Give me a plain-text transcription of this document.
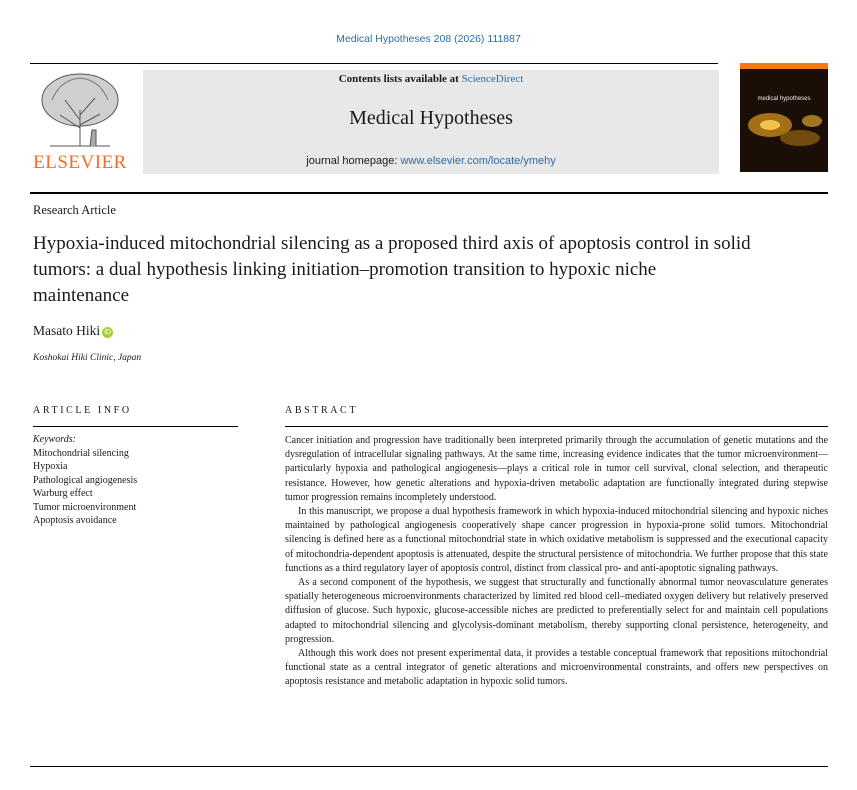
Medical Hypotheses 208 (2026) 111887
ELSEVIER
Contents lists available at ScienceDirect
Medical Hypotheses
journal homepage: www.elsevier.com/locate/ymehy
medical hypotheses
Research Article
Hypoxia-induced mitochondrial silencing as a proposed third axis of apoptosis control in solid tumors: a dual hypothesis linking initiation–promotion transition to hypoxic niche maintenance
Masato Hiki iD
Koshokai Hiki Clinic, Japan
ARTICLE INFO	ABSTRACT
Keywords:
Mitochondrial silencing
Hypoxia
Pathological angiogenesis
Warburg effect
Tumor microenvironment
Apoptosis avoidance

Cancer initiation and progression have traditionally been interpreted primarily through the accumulation of genetic mutations and the dysregulation of intracellular signaling pathways. At the same time, increasing evidence indicates that the tumor microenvironment—particularly hypoxia and pathological angiogenesis—plays a critical role in tumor cell survival, clonal selection, and therapeutic resistance. However, how genetic alterations and hypoxia-driven metabolic adaptation are functionally integrated during stepwise tumor progression remains incompletely understood.

In this manuscript, we propose a dual hypothesis framework in which hypoxia-induced mitochondrial silencing and hypoxic niches maintained by pathological angiogenesis cooperatively shape cancer progression in hypoxia-prone solid tumors. Mitochondrial silencing is defined here as a functional mitochondrial state in which oxidative metabolism is suppressed and the executional capacity of mitochondria-dependent apoptosis is attenuated, despite the structural persistence of mitochondria. We further propose that this state functions as a third regulatory layer of apoptosis control, distinct from classical pro- and anti-apoptotic signaling pathways.

As a second component of the hypothesis, we suggest that structurally and functionally abnormal tumor neovasculature generates spatially heterogeneous microenvironments characterized by limited red blood cell–mediated oxygen delivery but relatively preserved diffusion of glucose. Such hypoxic, glucose-accessible niches are predicted to preferentially select for and maintain cell populations adapted to mitochondrial silencing and glycolysis-dominant metabolism, thereby supporting clonal persistence, heterogeneity, and progression.

Although this work does not present experimental data, it provides a testable conceptual framework that repositions mitochondrial functional state as a central integrator of genetic alterations and microenvironmental constraints, and offers new perspectives on apoptosis resistance and metabolic adaptation in hypoxic solid tumors.
